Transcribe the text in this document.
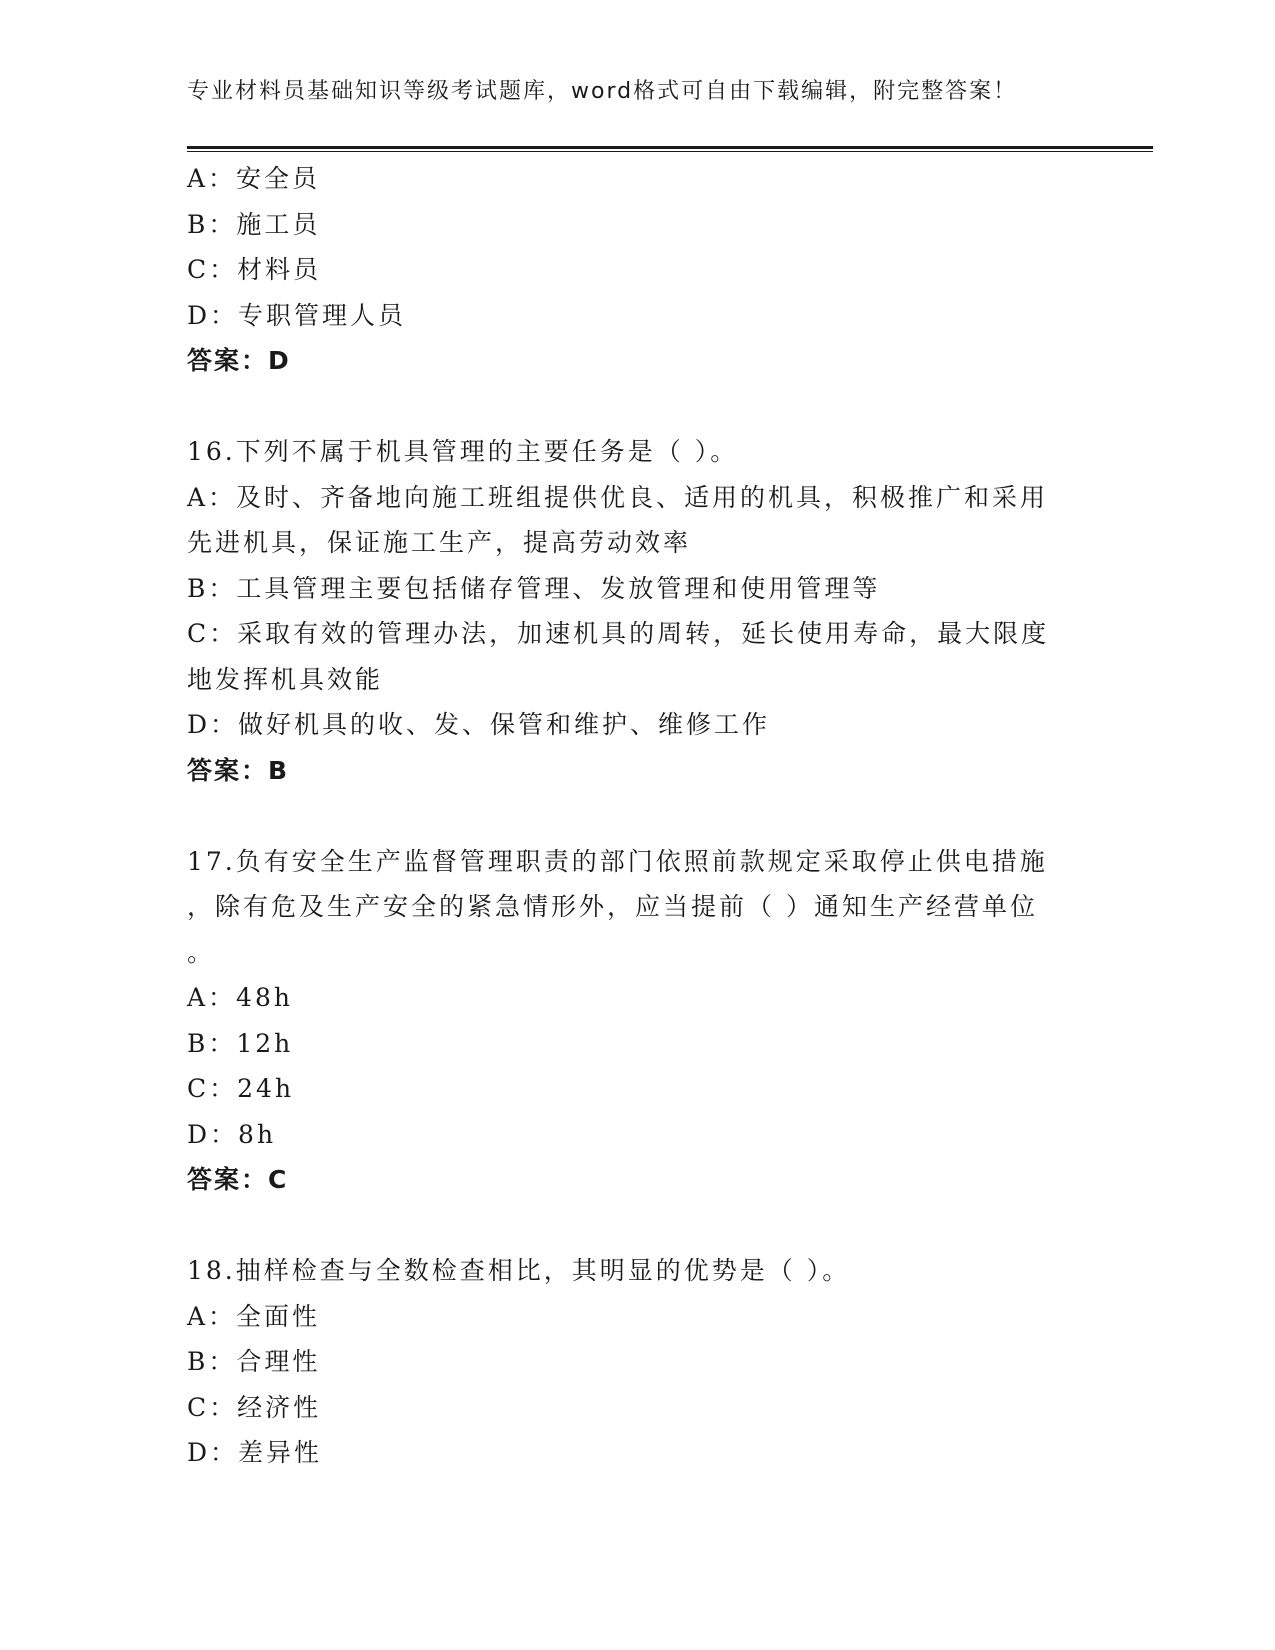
专业材料员基础知识等级考试题库，word格式可自由下载编辑，附完整答案！
A：安全员
B：施工员
C：材料员
D：专职管理人员
答案：D
16.下列不属于机具管理的主要任务是（ ）。
A：及时、齐备地向施工班组提供优良、适用的机具，积极推广和采用
先进机具，保证施工生产，提高劳动效率
B：工具管理主要包括储存管理、发放管理和使用管理等
C：采取有效的管理办法，加速机具的周转，延长使用寿命，最大限度
地发挥机具效能
D：做好机具的收、发、保管和维护、维修工作
答案：B
17.负有安全生产监督管理职责的部门依照前款规定采取停止供电措施
，除有危及生产安全的紧急情形外，应当提前（ ）通知生产经营单位
。
A：48h
B：12h
C：24h
D：8h
答案：C
18.抽样检查与全数检查相比，其明显的优势是（ ）。
A：全面性
B：合理性
C：经济性
D：差异性
